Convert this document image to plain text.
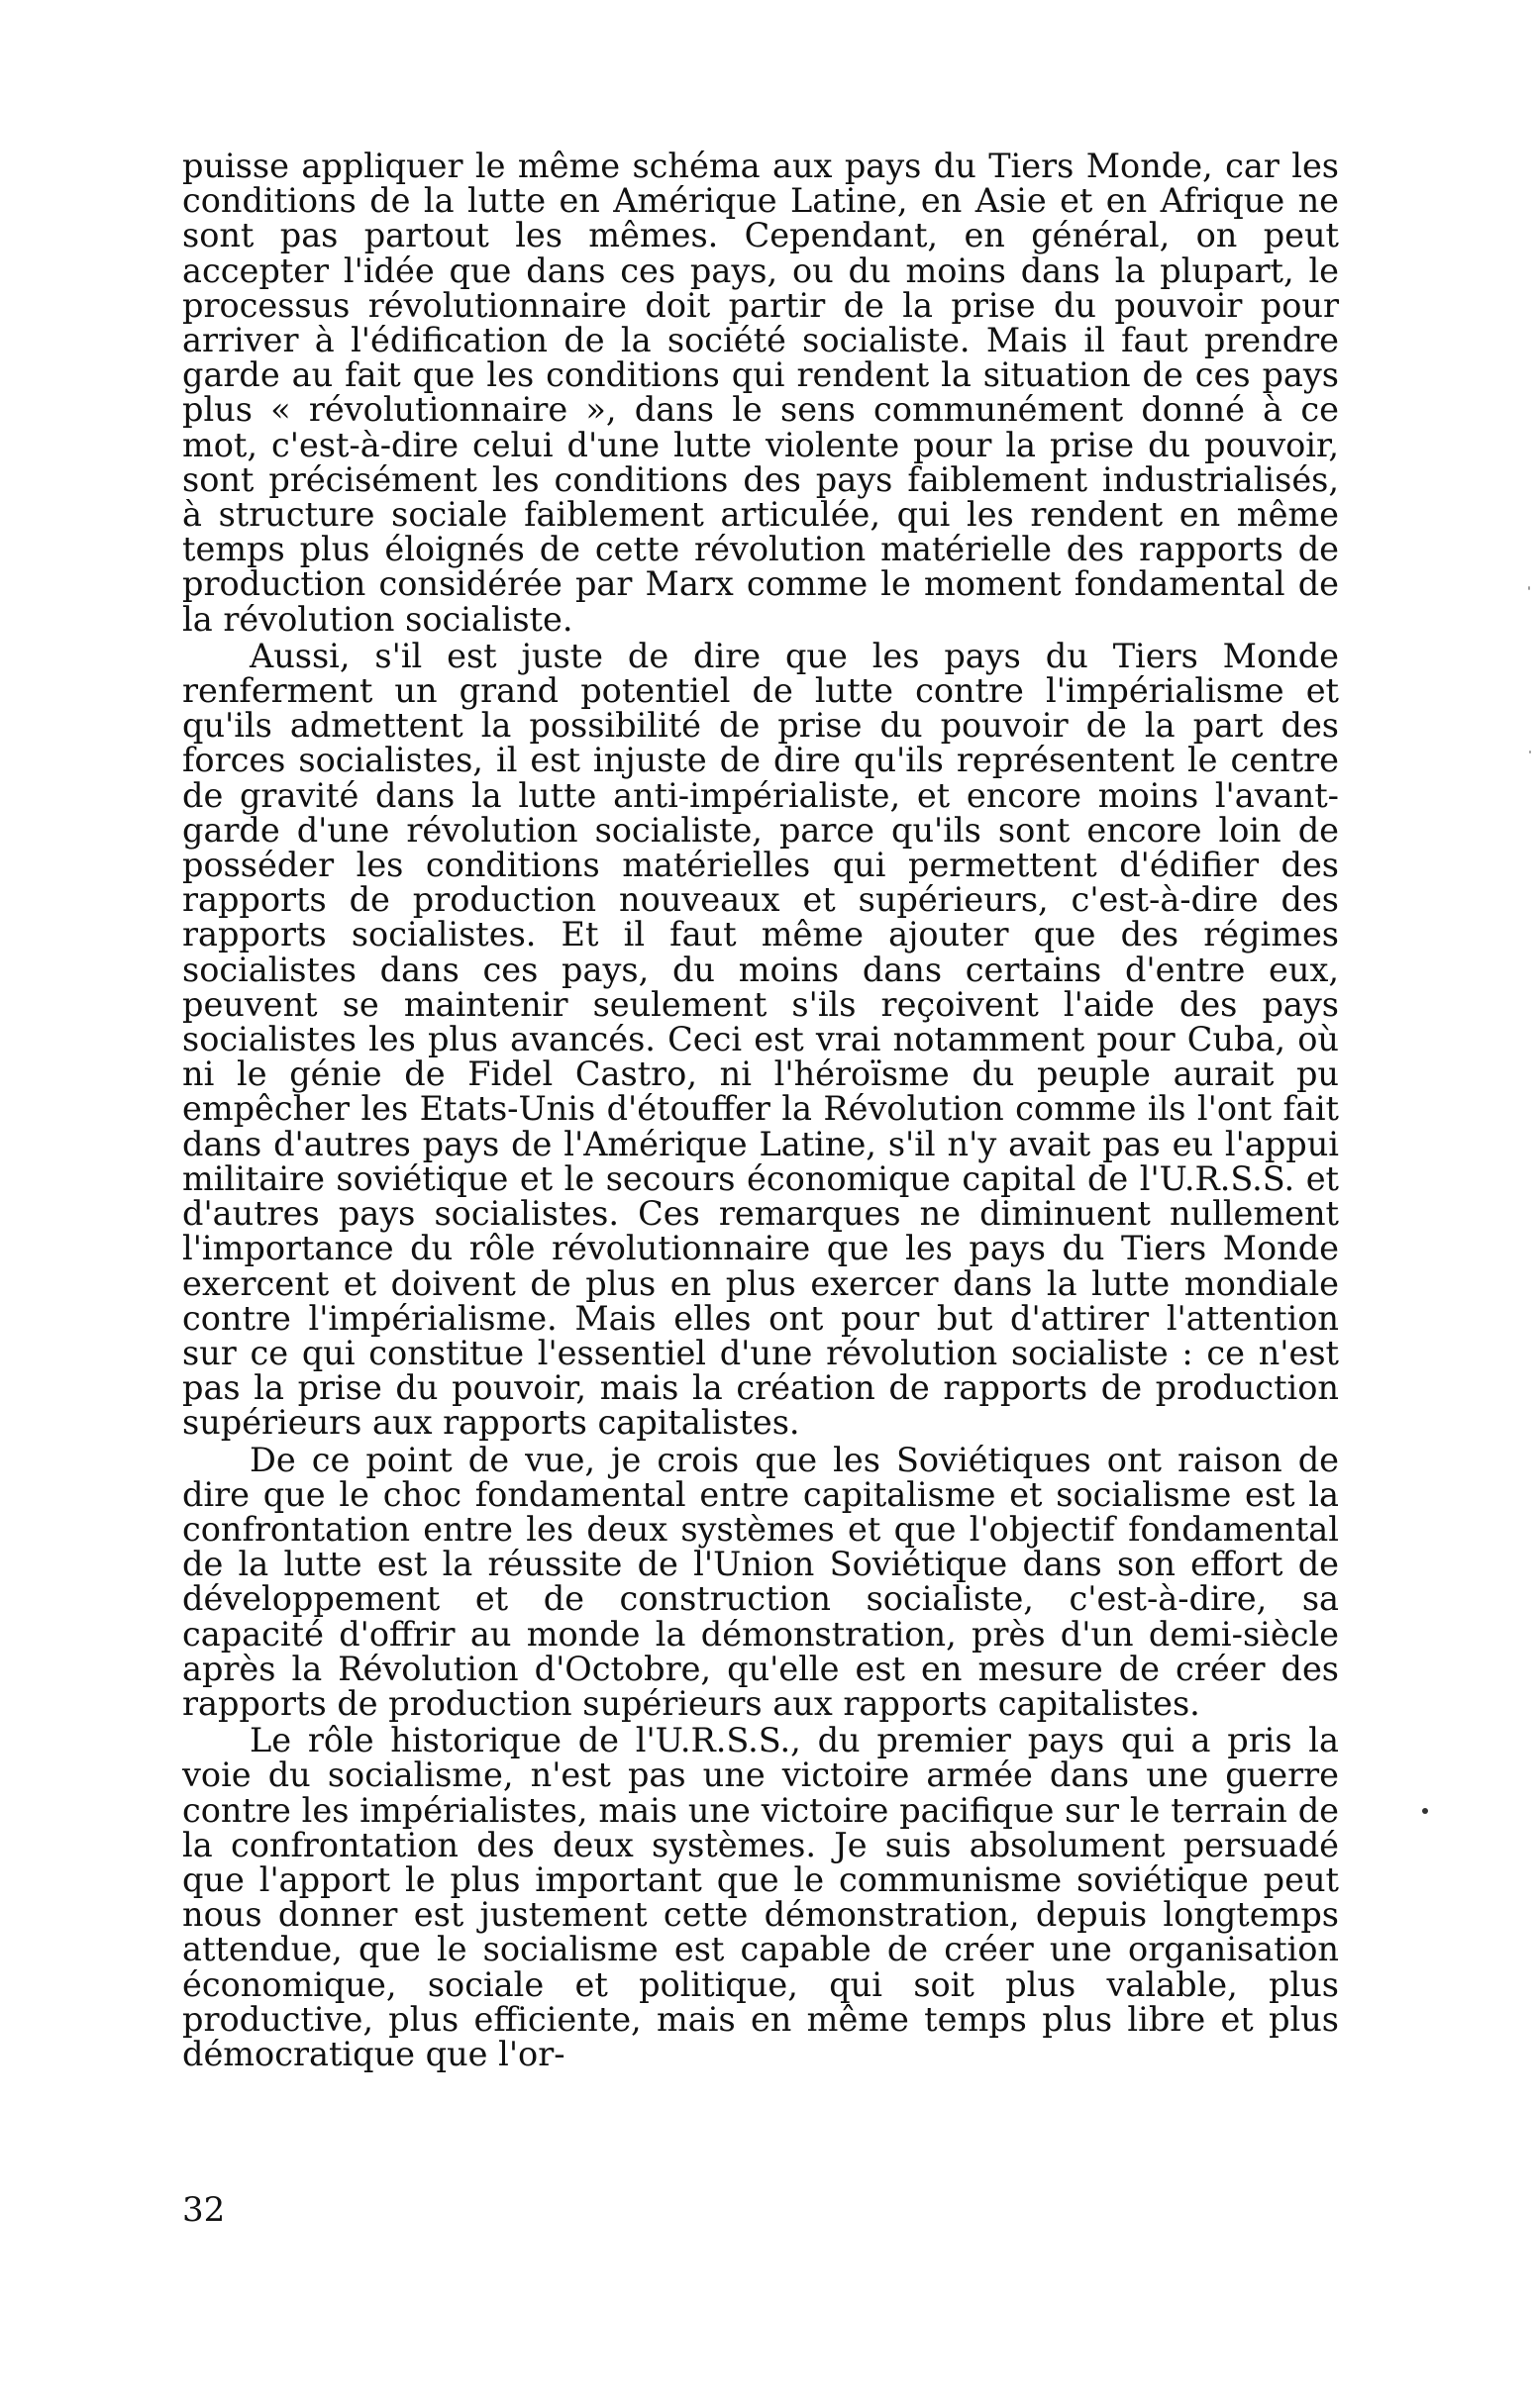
puisse appliquer le même schéma aux pays du Tiers Monde, car les conditions de la lutte en Amérique Latine, en Asie et en Afrique ne sont pas partout les mêmes. Cependant, en général, on peut accepter l'idée que dans ces pays, ou du moins dans la plupart, le processus révolutionnaire doit partir de la prise du pouvoir pour arriver à l'édification de la société socialiste. Mais il faut prendre garde au fait que les conditions qui rendent la situation de ces pays plus « révolutionnaire », dans le sens communément donné à ce mot, c'est-à-dire celui d'une lutte violente pour la prise du pouvoir, sont précisément les conditions des pays faiblement industrialisés, à structure sociale faiblement articulée, qui les rendent en même temps plus éloignés de cette révolution matérielle des rapports de production considérée par Marx comme le moment fondamental de la révolution socialiste.

Aussi, s'il est juste de dire que les pays du Tiers Monde renferment un grand potentiel de lutte contre l'impérialisme et qu'ils admettent la possibilité de prise du pouvoir de la part des forces socialistes, il est injuste de dire qu'ils représentent le centre de gravité dans la lutte anti-impérialiste, et encore moins l'avant-garde d'une révolution socialiste, parce qu'ils sont encore loin de posséder les conditions matérielles qui permettent d'édifier des rapports de production nouveaux et supérieurs, c'est-à-dire des rapports socialistes. Et il faut même ajouter que des régimes socialistes dans ces pays, du moins dans certains d'entre eux, peuvent se maintenir seulement s'ils reçoivent l'aide des pays socialistes les plus avancés. Ceci est vrai notamment pour Cuba, où ni le génie de Fidel Castro, ni l'héroïsme du peuple aurait pu empêcher les Etats-Unis d'étouffer la Révolution comme ils l'ont fait dans d'autres pays de l'Amérique Latine, s'il n'y avait pas eu l'appui militaire soviétique et le secours économique capital de l'U.R.S.S. et d'autres pays socialistes. Ces remarques ne diminuent nullement l'importance du rôle révolutionnaire que les pays du Tiers Monde exercent et doivent de plus en plus exercer dans la lutte mondiale contre l'impérialisme. Mais elles ont pour but d'attirer l'attention sur ce qui constitue l'essentiel d'une révolution socialiste : ce n'est pas la prise du pouvoir, mais la création de rapports de production supérieurs aux rapports capitalistes.

De ce point de vue, je crois que les Soviétiques ont raison de dire que le choc fondamental entre capitalisme et socialisme est la confrontation entre les deux systèmes et que l'objectif fondamental de la lutte est la réussite de l'Union Soviétique dans son effort de développement et de construction socialiste, c'est-à-dire, sa capacité d'offrir au monde la démonstration, près d'un demi-siècle après la Révolution d'Octobre, qu'elle est en mesure de créer des rapports de production supérieurs aux rapports capitalistes.

Le rôle historique de l'U.R.S.S., du premier pays qui a pris la voie du socialisme, n'est pas une victoire armée dans une guerre contre les impérialistes, mais une victoire pacifique sur le terrain de la confrontation des deux systèmes. Je suis absolument persuadé que l'apport le plus important que le communisme soviétique peut nous donner est justement cette démonstration, depuis longtemps attendue, que le socialisme est capable de créer une organisation économique, sociale et politique, qui soit plus valable, plus productive, plus efficiente, mais en même temps plus libre et plus démocratique que l'or-

32
